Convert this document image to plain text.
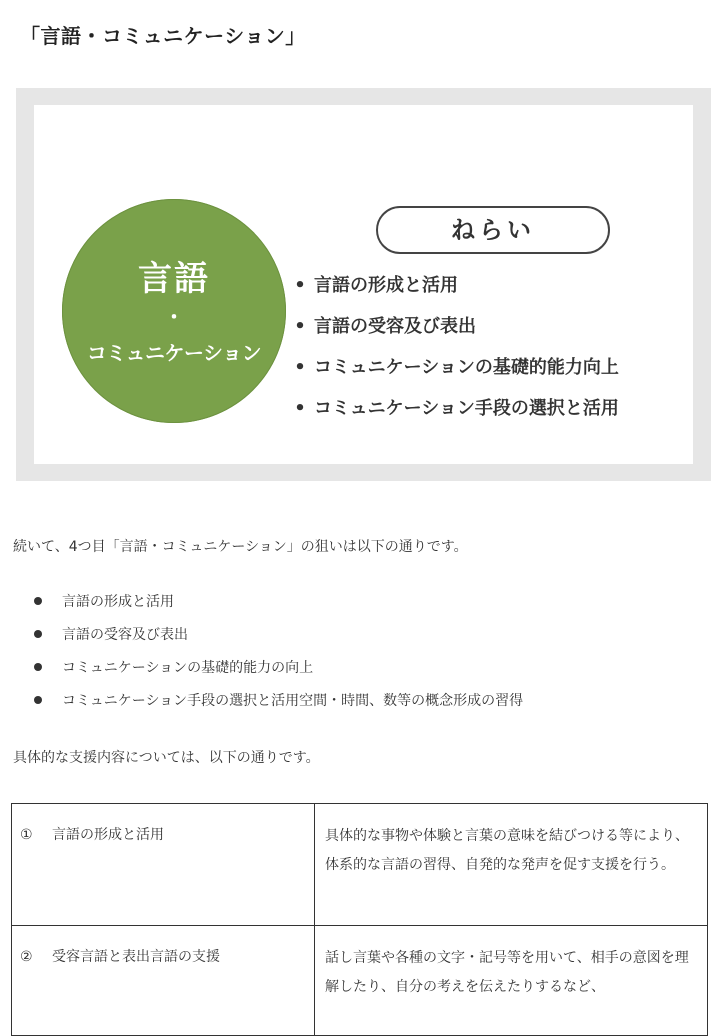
「言語・コミュニケーション」
言語
・
コミュニケーション
ねらい
• 言語の形成と活用
• 言語の受容及び表出
• コミュニケーションの基礎的能力向上
• コミュニケーション手段の選択と活用

続いて、4つ目「言語・コミュニケーション」の狙いは以下の通りです。

言語の形成と活用
言語の受容及び表出
コミュニケーションの基礎的能力の向上
コミュニケーション手段の選択と活用空間・時間、数等の概念形成の習得

具体的な支援内容については、以下の通りです。

① 言語の形成と活用	具体的な事物や体験と言葉の意味を結びつける等により、体系的な言語の習得、自発的な発声を促す支援を行う。
② 受容言語と表出言語の支援	話し言葉や各種の文字・記号等を用いて、相手の意図を理解したり、自分の考えを伝えたりするなど、
